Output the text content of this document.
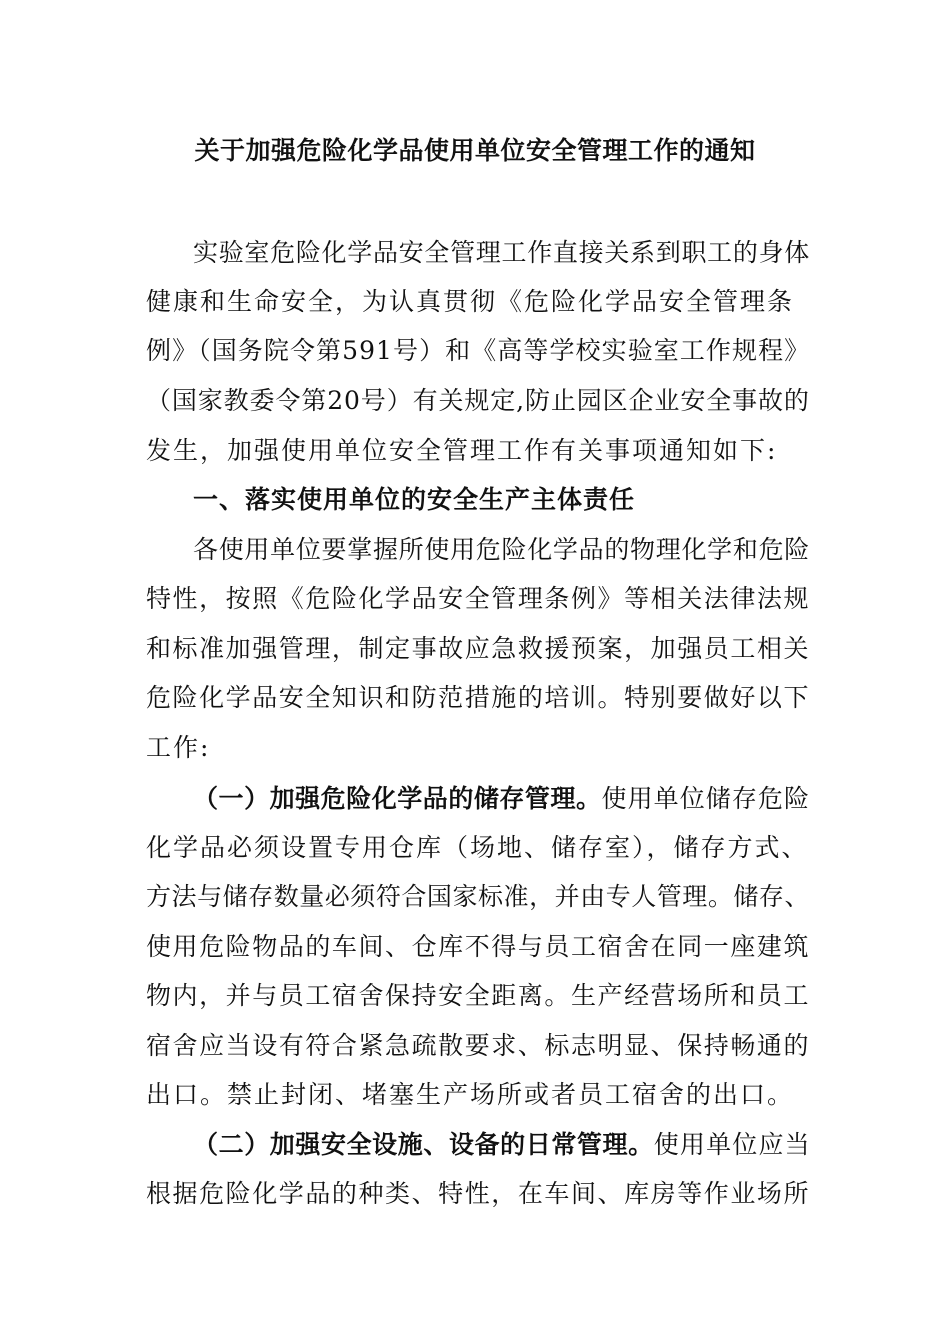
关于加强危险化学品使用单位安全管理工作的通知
实验室危险化学品安全管理工作直接关系到职工的身体
健康和生命安全，为认真贯彻《危险化学品安全管理条
例》（国务院令第591号）和《高等学校实验室工作规程》
（国家教委令第20号）有关规定,防止园区企业安全事故的
发生，加强使用单位安全管理工作有关事项通知如下:
一、落实使用单位的安全生产主体责任
各使用单位要掌握所使用危险化学品的物理化学和危险
特性，按照《危险化学品安全管理条例》等相关法律法规
和标准加强管理，制定事故应急救援预案，加强员工相关
危险化学品安全知识和防范措施的培训。特别要做好以下
工作:
（一）加强危险化学品的储存管理。使用单位储存危险
化学品必须设置专用仓库（场地、储存室），储存方式、
方法与储存数量必须符合国家标准，并由专人管理。储存、
使用危险物品的车间、仓库不得与员工宿舍在同一座建筑
物内，并与员工宿舍保持安全距离。生产经营场所和员工
宿舍应当设有符合紧急疏散要求、标志明显、保持畅通的
出口。禁止封闭、堵塞生产场所或者员工宿舍的出口。
（二）加强安全设施、设备的日常管理。使用单位应当
根据危险化学品的种类、特性，在车间、库房等作业场所
